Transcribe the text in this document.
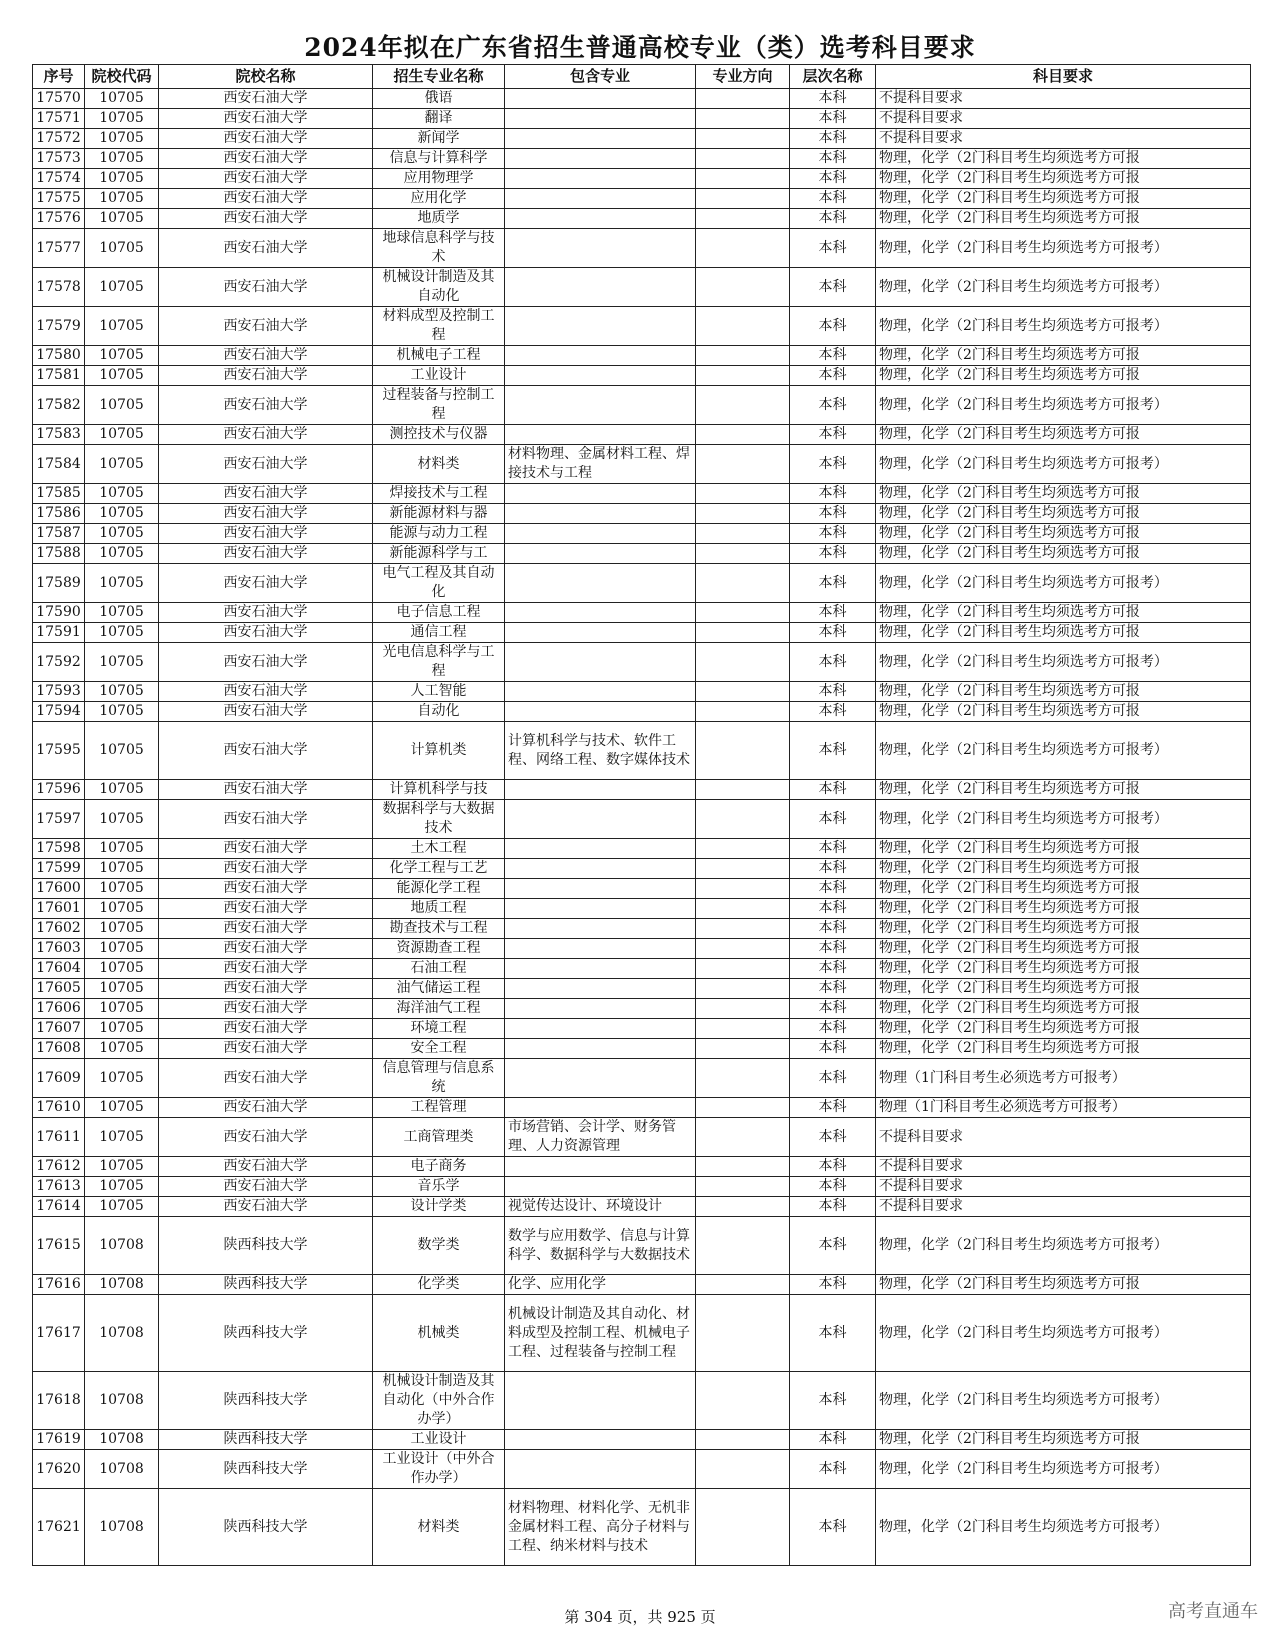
2024年拟在广东省招生普通高校专业（类）选考科目要求
序号	院校代码	院校名称	招生专业名称	包含专业	专业方向	层次名称	科目要求
17570	10705	西安石油大学	俄语			本科	不提科目要求
17571	10705	西安石油大学	翻译			本科	不提科目要求
17572	10705	西安石油大学	新闻学			本科	不提科目要求
17573	10705	西安石油大学	信息与计算科学			本科	物理，化学（2门科目考生均须选考方可报
17574	10705	西安石油大学	应用物理学			本科	物理，化学（2门科目考生均须选考方可报
17575	10705	西安石油大学	应用化学			本科	物理，化学（2门科目考生均须选考方可报
17576	10705	西安石油大学	地质学			本科	物理，化学（2门科目考生均须选考方可报
17577	10705	西安石油大学	地球信息科学与技术			本科	物理，化学（2门科目考生均须选考方可报考）
17578	10705	西安石油大学	机械设计制造及其自动化			本科	物理，化学（2门科目考生均须选考方可报考）
17579	10705	西安石油大学	材料成型及控制工程			本科	物理，化学（2门科目考生均须选考方可报考）
17580	10705	西安石油大学	机械电子工程			本科	物理，化学（2门科目考生均须选考方可报
17581	10705	西安石油大学	工业设计			本科	物理，化学（2门科目考生均须选考方可报
17582	10705	西安石油大学	过程装备与控制工程			本科	物理，化学（2门科目考生均须选考方可报考）
17583	10705	西安石油大学	测控技术与仪器			本科	物理，化学（2门科目考生均须选考方可报
17584	10705	西安石油大学	材料类	材料物理、金属材料工程、焊接技术与工程		本科	物理，化学（2门科目考生均须选考方可报考）
17585	10705	西安石油大学	焊接技术与工程			本科	物理，化学（2门科目考生均须选考方可报
17586	10705	西安石油大学	新能源材料与器			本科	物理，化学（2门科目考生均须选考方可报
17587	10705	西安石油大学	能源与动力工程			本科	物理，化学（2门科目考生均须选考方可报
17588	10705	西安石油大学	新能源科学与工			本科	物理，化学（2门科目考生均须选考方可报
17589	10705	西安石油大学	电气工程及其自动化			本科	物理，化学（2门科目考生均须选考方可报考）
17590	10705	西安石油大学	电子信息工程			本科	物理，化学（2门科目考生均须选考方可报
17591	10705	西安石油大学	通信工程			本科	物理，化学（2门科目考生均须选考方可报
17592	10705	西安石油大学	光电信息科学与工程			本科	物理，化学（2门科目考生均须选考方可报考）
17593	10705	西安石油大学	人工智能			本科	物理，化学（2门科目考生均须选考方可报
17594	10705	西安石油大学	自动化			本科	物理，化学（2门科目考生均须选考方可报
17595	10705	西安石油大学	计算机类	计算机科学与技术、软件工程、网络工程、数字媒体技术		本科	物理，化学（2门科目考生均须选考方可报考）
17596	10705	西安石油大学	计算机科学与技			本科	物理，化学（2门科目考生均须选考方可报
17597	10705	西安石油大学	数据科学与大数据技术			本科	物理，化学（2门科目考生均须选考方可报考）
17598	10705	西安石油大学	土木工程			本科	物理，化学（2门科目考生均须选考方可报
17599	10705	西安石油大学	化学工程与工艺			本科	物理，化学（2门科目考生均须选考方可报
17600	10705	西安石油大学	能源化学工程			本科	物理，化学（2门科目考生均须选考方可报
17601	10705	西安石油大学	地质工程			本科	物理，化学（2门科目考生均须选考方可报
17602	10705	西安石油大学	勘查技术与工程			本科	物理，化学（2门科目考生均须选考方可报
17603	10705	西安石油大学	资源勘查工程			本科	物理，化学（2门科目考生均须选考方可报
17604	10705	西安石油大学	石油工程			本科	物理，化学（2门科目考生均须选考方可报
17605	10705	西安石油大学	油气储运工程			本科	物理，化学（2门科目考生均须选考方可报
17606	10705	西安石油大学	海洋油气工程			本科	物理，化学（2门科目考生均须选考方可报
17607	10705	西安石油大学	环境工程			本科	物理，化学（2门科目考生均须选考方可报
17608	10705	西安石油大学	安全工程			本科	物理，化学（2门科目考生均须选考方可报
17609	10705	西安石油大学	信息管理与信息系统			本科	物理（1门科目考生必须选考方可报考）
17610	10705	西安石油大学	工程管理			本科	物理（1门科目考生必须选考方可报考）
17611	10705	西安石油大学	工商管理类	市场营销、会计学、财务管理、人力资源管理		本科	不提科目要求
17612	10705	西安石油大学	电子商务			本科	不提科目要求
17613	10705	西安石油大学	音乐学			本科	不提科目要求
17614	10705	西安石油大学	设计学类	视觉传达设计、环境设计		本科	不提科目要求
17615	10708	陕西科技大学	数学类	数学与应用数学、信息与计算科学、数据科学与大数据技术		本科	物理，化学（2门科目考生均须选考方可报考）
17616	10708	陕西科技大学	化学类	化学、应用化学		本科	物理，化学（2门科目考生均须选考方可报
17617	10708	陕西科技大学	机械类	机械设计制造及其自动化、材料成型及控制工程、机械电子工程、过程装备与控制工程		本科	物理，化学（2门科目考生均须选考方可报考）
17618	10708	陕西科技大学	机械设计制造及其自动化（中外合作办学）			本科	物理，化学（2门科目考生均须选考方可报考）
17619	10708	陕西科技大学	工业设计			本科	物理，化学（2门科目考生均须选考方可报
17620	10708	陕西科技大学	工业设计（中外合作办学）			本科	物理，化学（2门科目考生均须选考方可报考）
17621	10708	陕西科技大学	材料类	材料物理、材料化学、无机非金属材料工程、高分子材料与工程、纳米材料与技术		本科	物理，化学（2门科目考生均须选考方可报考）
第 304 页，共 925 页	高考直通车
